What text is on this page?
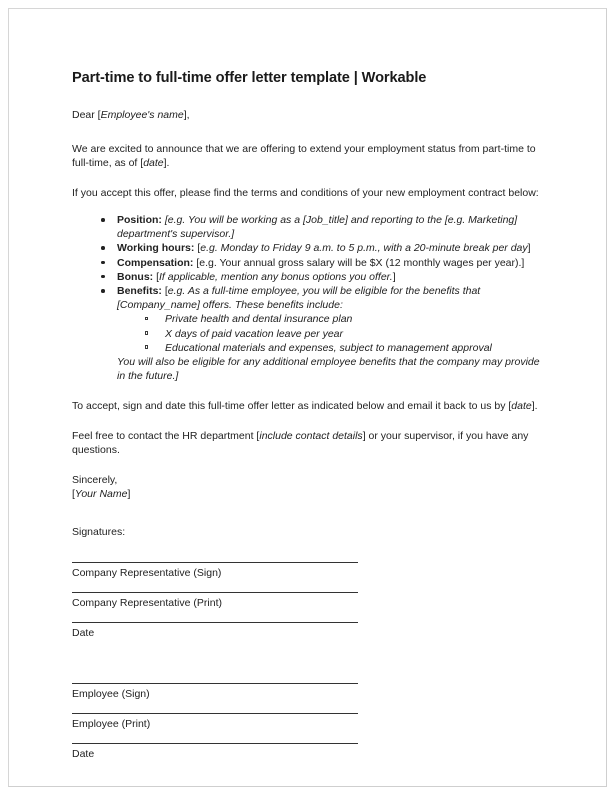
Part-time to full-time offer letter template | Workable

Dear [Employee's name],

We are excited to announce that we are offering to extend your employment status from part-time to full-time, as of [date].

If you accept this offer, please find the terms and conditions of your new employment contract below:

Position: [e.g. You will be working as a [Job_title] and reporting to the [e.g. Marketing] department's supervisor.]
Working hours: [e.g. Monday to Friday 9 a.m. to 5 p.m., with a 20-minute break per day]
Compensation: [e.g. Your annual gross salary will be $X (12 monthly wages per year).]
Bonus: [If applicable, mention any bonus options you offer.]
Benefits: [e.g. As a full-time employee, you will be eligible for the benefits that [Company_name] offers. These benefits include:
Private health and dental insurance plan
X days of paid vacation leave per year
Educational materials and expenses, subject to management approval

You will also be eligible for any additional employee benefits that the company may provide in the future.]

To accept, sign and date this full-time offer letter as indicated below and email it back to us by [date].

Feel free to contact the HR department [include contact details] or your supervisor, if you have any questions.

Sincerely,
[Your Name]

Signatures:

Company Representative (Sign)
Company Representative (Print)
Date
Employee (Sign)
Employee (Print)
Date
